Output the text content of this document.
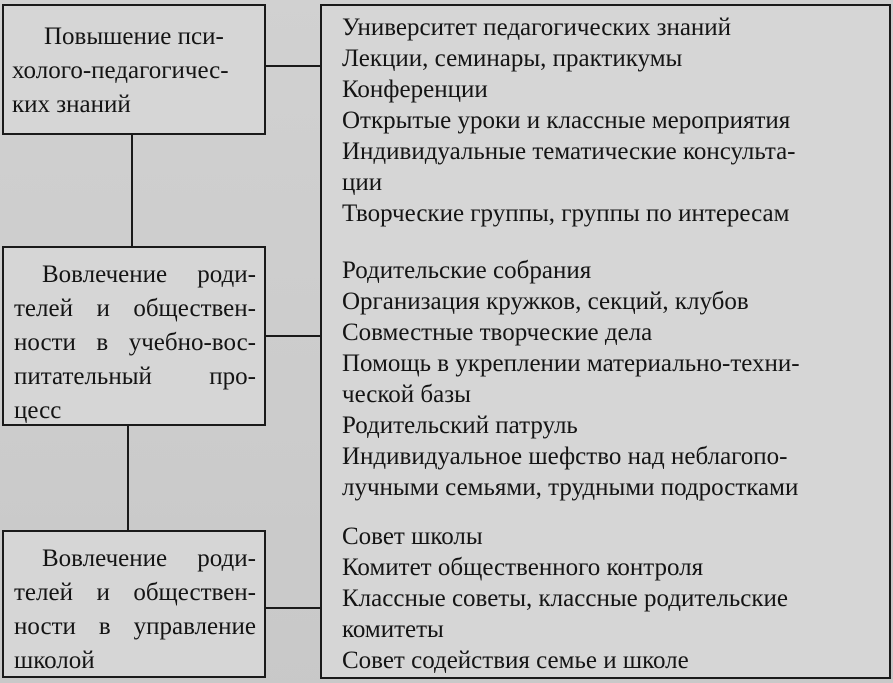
Повышение пси-
холого-педагогичес-
ких знаний
Вовлечение роди-
телей и обществен-
ности в учебно-вос-
питательный про-
цесс
Вовлечение роди-
телей и обществен-
ности в управление
школой
Университет педагогических знаний
Лекции, семинары, практикумы
Конференции
Открытые уроки и классные мероприятия
Индивидуальные тематические консульта-
ции
Творческие группы, группы по интересам
Родительские собрания
Организация кружков, секций, клубов
Совместные творческие дела
Помощь в укреплении материально-техни-
ческой базы
Родительский патруль
Индивидуальное шефство над неблагопо-
лучными семьями, трудными подростками
Совет школы
Комитет общественного контроля
Классные советы, классные родительские
комитеты
Совет содействия семье и школе
